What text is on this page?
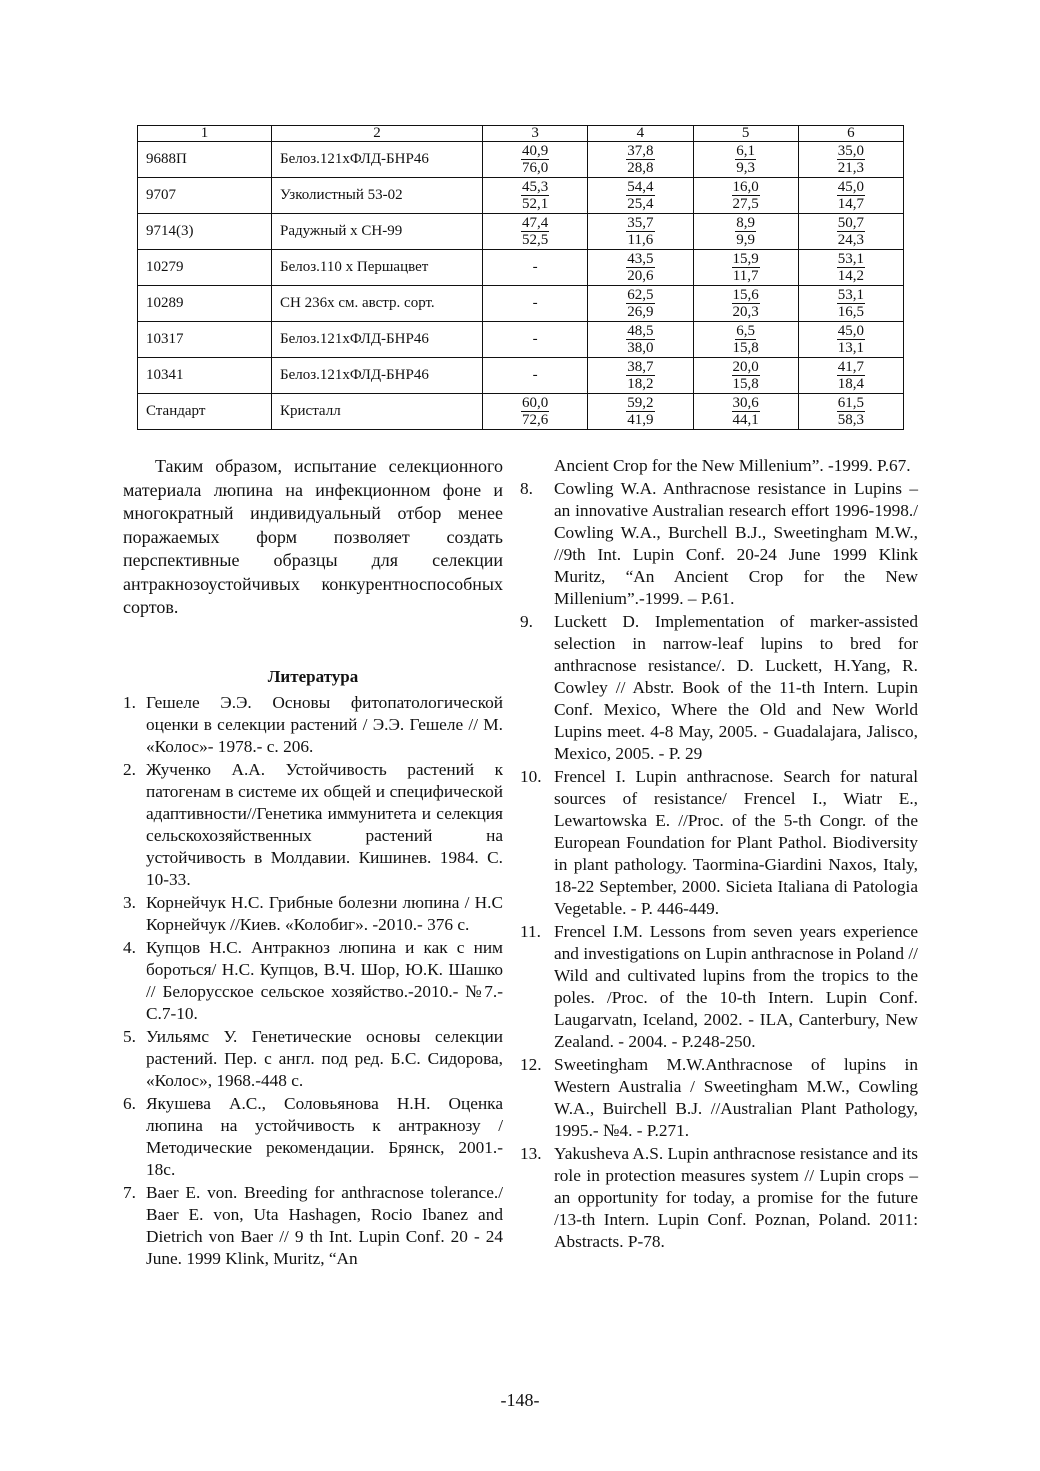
1	2	3	4	5	6
9688П	Белоз.121хФЛД-БНР46	$\frac{40,9}{76,0}$	$\frac{37,8}{28,8}$	$\frac{6,1}{9,3}$	$\frac{35,0}{21,3}$

9707	Узколистный 53-02	$\frac{45,3}{52,1}$	$\frac{54,4}{25,4}$	$\frac{16,0}{27,5}$	$\frac{45,0}{14,7}$

9714(3)	Радужный х СН-99	$\frac{47,4}{52,5}$	$\frac{35,7}{11,6}$	$\frac{8,9}{9,9}$	$\frac{50,7}{24,3}$

10279	Белоз.110 х Першацвет	-	$\frac{43,5}{20,6}$	$\frac{15,9}{11,7}$	$\frac{53,1}{14,2}$

10289	СН 236х см. австр. сорт.	-	$\frac{62,5}{26,9}$	$\frac{15,6}{20,3}$	$\frac{53,1}{16,5}$

10317	Белоз.121хФЛД-БНР46	-	$\frac{48,5}{38,0}$	$\frac{6,5}{15,8}$	$\frac{45,0}{13,1}$

10341	Белоз.121хФЛД-БНР46	-	$\frac{38,7}{18,2}$	$\frac{20,0}{15,8}$	$\frac{41,7}{18,4}$

Стандарт	Кристалл	$\frac{60,0}{72,6}$	$\frac{59,2}{41,9}$	$\frac{30,6}{44,1}$	$\frac{61,5}{58,3}$

Таким образом, испытание селекционного материала люпина на инфекционном фоне и многократный индивидуальный отбор менее поражаемых форм позволяет создать перспективные образцы для селекции антракнозоустойчивых конкурентноспособных сортов.

Литература
1. Гешеле Э.Э. Основы фитопатологической оценки в селекции растений / Э.Э. Гешеле // М. «Колос»- 1978.- с. 206.
2. Жученко А.А. Устойчивость растений к патогенам в системе их общей и специфической адаптивности//Генетика иммунитета и селекция сельскохозяйственных растений на устойчивость в Молдавии. Кишинев. 1984. С. 10-33.
3. Корнейчук Н.С. Грибные болезни люпина / Н.С Корнейчук //Киев. «Колобиг». -2010.- 376 с.
4. Купцов Н.С. Антракноз люпина и как с ним бороться/ Н.С. Купцов, В.Ч. Шор, Ю.К. Шашко // Белорусское сельское хозяйство.-2010.- №7.- С.7-10.
5. Уильямс У. Генетические основы селекции растений. Пер. с англ. под ред. Б.С. Сидорова, «Колос», 1968.-448 с.
6. Якушева А.С., Соловьянова Н.Н. Оценка люпина на устойчивость к антракнозу /Методические рекомендации. Брянск, 2001.- 18с.
7. Baer E. von. Breeding for anthracnose tolerance./ Baer E. von, Uta Hashagen, Rocio Ibanez and Dietrich von Baer // 9 th Int. Lupin Conf. 20 - 24 June. 1999 Klink, Muritz, “An
Ancient Crop for the New Millenium”. -1999. P.67.
8. Cowling W.A. Anthracnose resistance in Lupins – an innovative Australian research effort 1996-1998./ Cowling W.A., Burchell B.J., Sweetingham M.W., //9th Int. Lupin Conf. 20-24 June 1999 Klink Muritz, “An Ancient Crop for the New Millenium”.-1999. – P.61.
9. Luckett D. Implementation of marker-assisted selection in narrow-leaf lupins to bred for anthracnose resistance/. D. Luckett, H.Yang, R. Cowley // Abstr. Book of the 11-th Intern. Lupin Conf. Mexico, Where the Old and New World Lupins meet. 4-8 May, 2005. - Guadalajara, Jalisco, Mexico, 2005. - P. 29
10. Frencel I. Lupin anthracnose. Search for natural sources of resistance/ Frencel I., Wiatr E., Lewartowska E. //Proc. of the 5-th Congr. of the European Foundation for Plant Pathol. Biodiversity in plant pathology. Taormina-Giardini Naxos, Italy, 18-22 September, 2000. Sicieta Italiana di Patologia Vegetable. - P. 446-449.
11. Frencel I.M. Lessons from seven years experience and investigations on Lupin anthracnose in Poland // Wild and cultivated lupins from the tropics to the poles. /Proc. of the 10-th Intern. Lupin Conf. Laugarvatn, Iceland, 2002. - ILA, Canterbury, New Zealand. - 2004. - P.248-250.
12. Sweetingham M.W.Anthracnose of lupins in Western Australia / Sweetingham M.W., Cowling W.A., Buirchell B.J. //Australian Plant Pathology, 1995.- №4. - P.271.
13. Yakusheva A.S. Lupin anthracnose resistance and its role in protection measures system // Lupin crops – an opportunity for today, a promise for the future /13-th Intern. Lupin Conf. Poznan, Poland. 2011: Abstracts. P-78.
-148-
